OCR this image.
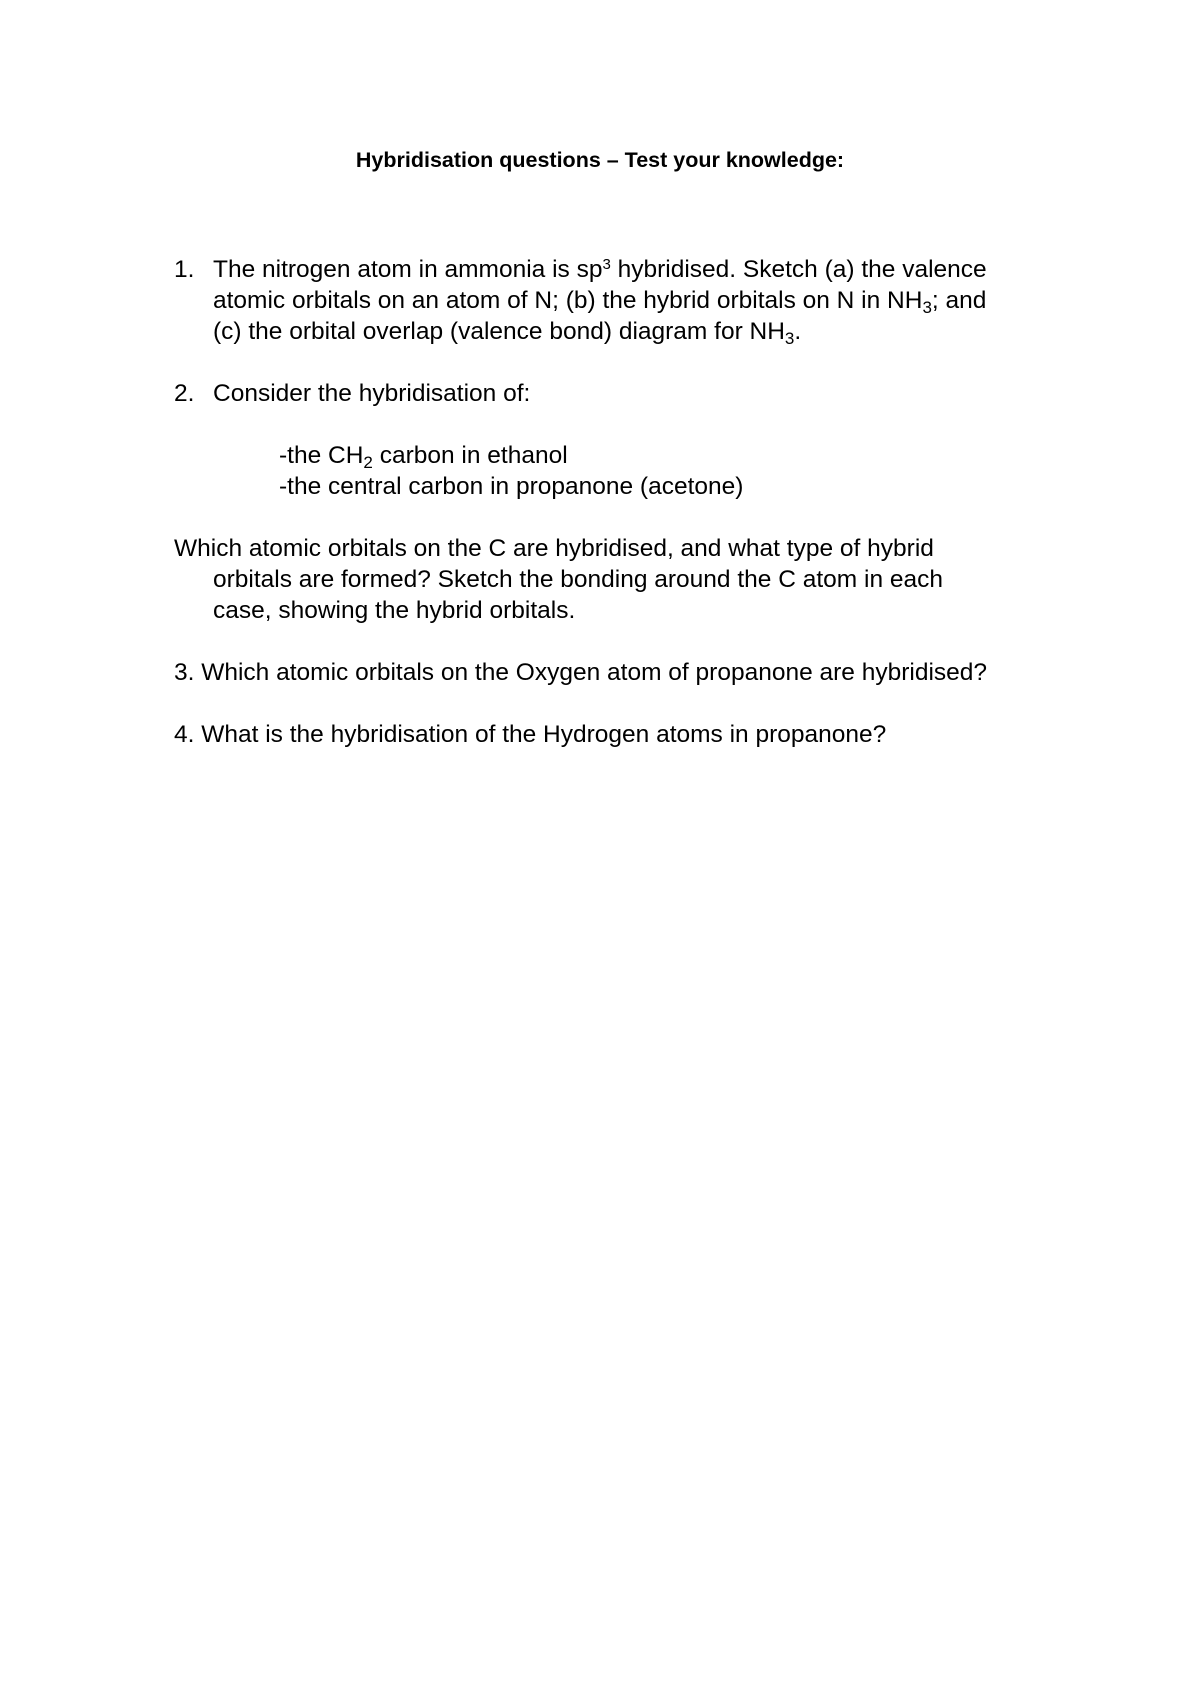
Hybridisation questions – Test your knowledge:
1. The nitrogen atom in ammonia is $sp^3$ hybridised. Sketch (a) the valence
atomic orbitals on an atom of N; (b) the hybrid orbitals on N in $NH_3$; and
(c) the orbital overlap (valence bond) diagram for $NH_3$.
2. Consider the hybridisation of:
-the $CH_2$ carbon in ethanol
-the central carbon in propanone (acetone)
Which atomic orbitals on the C are hybridised, and what type of hybrid
orbitals are formed? Sketch the bonding around the C atom in each
case, showing the hybrid orbitals.
3. Which atomic orbitals on the Oxygen atom of propanone are hybridised?
4. What is the hybridisation of the Hydrogen atoms in propanone?
